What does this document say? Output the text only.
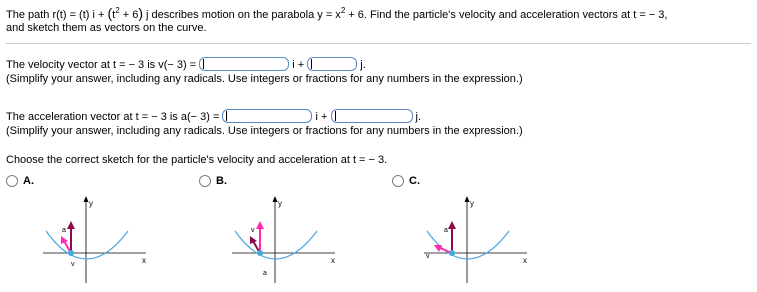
The path r(t) = (t) $i + (t^2 + 6)$ j describes motion on the parabola $y = x^2 + 6$. Find the particle's velocity and acceleration vectors at t = − 3,
and sketch them as vectors on the curve.
The velocity vector at t = − 3 is v(− 3) =	i +	j.
(Simplify your answer, including any radicals. Use integers or fractions for any numbers in the expression.)
The acceleration vector at t = − 3 is a(− 3) =	i +	j.
(Simplify your answer, including any radicals. Use integers or fractions for any numbers in the expression.)
Choose the correct sketch for the particle's velocity and acceleration at t = − 3.
A.	B.	C.
y
x
a
v
y
x
v
a
y
x
a
v
